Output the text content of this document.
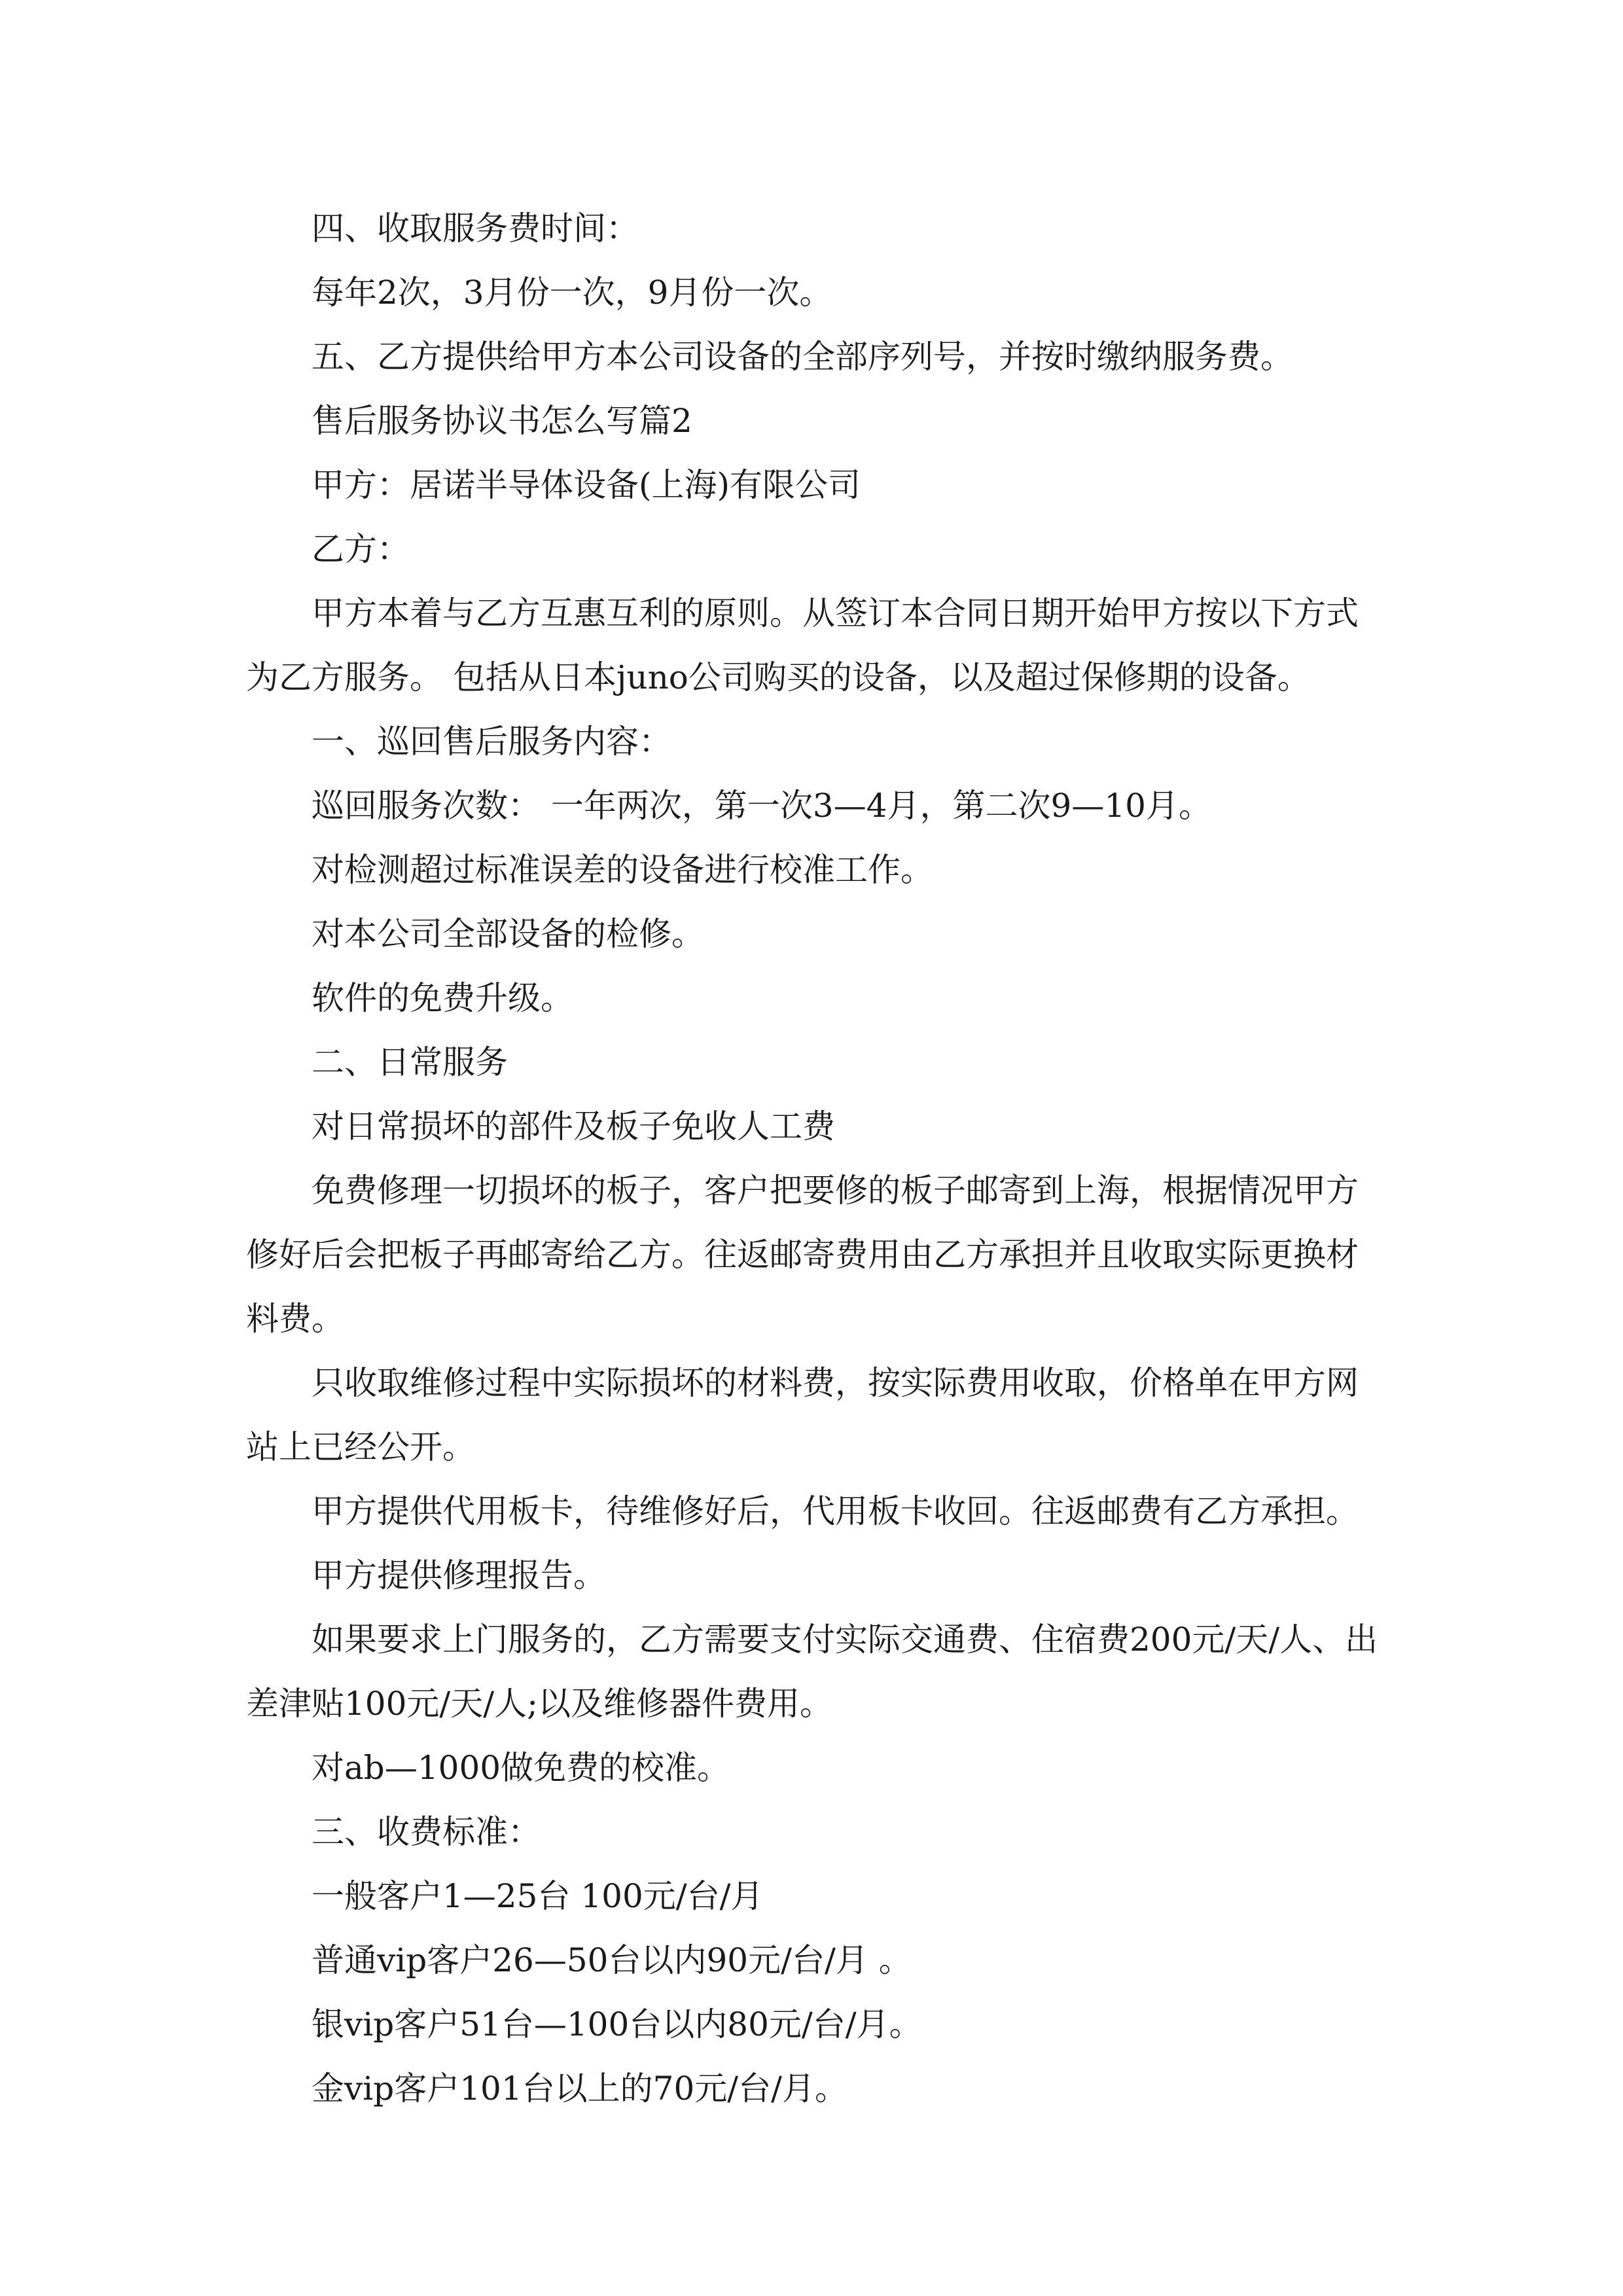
四、收取服务费时间：

每年2次，3月份一次，9月份一次。

五、乙方提供给甲方本公司设备的全部序列号，并按时缴纳服务费。

售后服务协议书怎么写篇2

甲方：居诺半导体设备(上海)有限公司

乙方：

甲方本着与乙方互惠互利的原则。从签订本合同日期开始甲方按以下方式为乙方服务。 包括从日本juno公司购买的设备，以及超过保修期的设备。

一、巡回售后服务内容：

巡回服务次数： 一年两次，第一次3—4月，第二次9—10月。

对检测超过标准误差的设备进行校准工作。

对本公司全部设备的检修。

软件的免费升级。

二、日常服务

对日常损坏的部件及板子免收人工费

免费修理一切损坏的板子，客户把要修的板子邮寄到上海，根据情况甲方修好后会把板子再邮寄给乙方。往返邮寄费用由乙方承担并且收取实际更换材料费。

只收取维修过程中实际损坏的材料费，按实际费用收取，价格单在甲方网站上已经公开。

甲方提供代用板卡，待维修好后，代用板卡收回。往返邮费有乙方承担。

甲方提供修理报告。

如果要求上门服务的，乙方需要支付实际交通费、住宿费200元/天/人、出差津贴100元/天/人;以及维修器件费用。

对ab—1000做免费的校准。

三、收费标准：

一般客户1—25台 100元/台/月

普通vip客户26—50台以内90元/台/月 。

银vip客户51台—100台以内80元/台/月。

金vip客户101台以上的70元/台/月。
